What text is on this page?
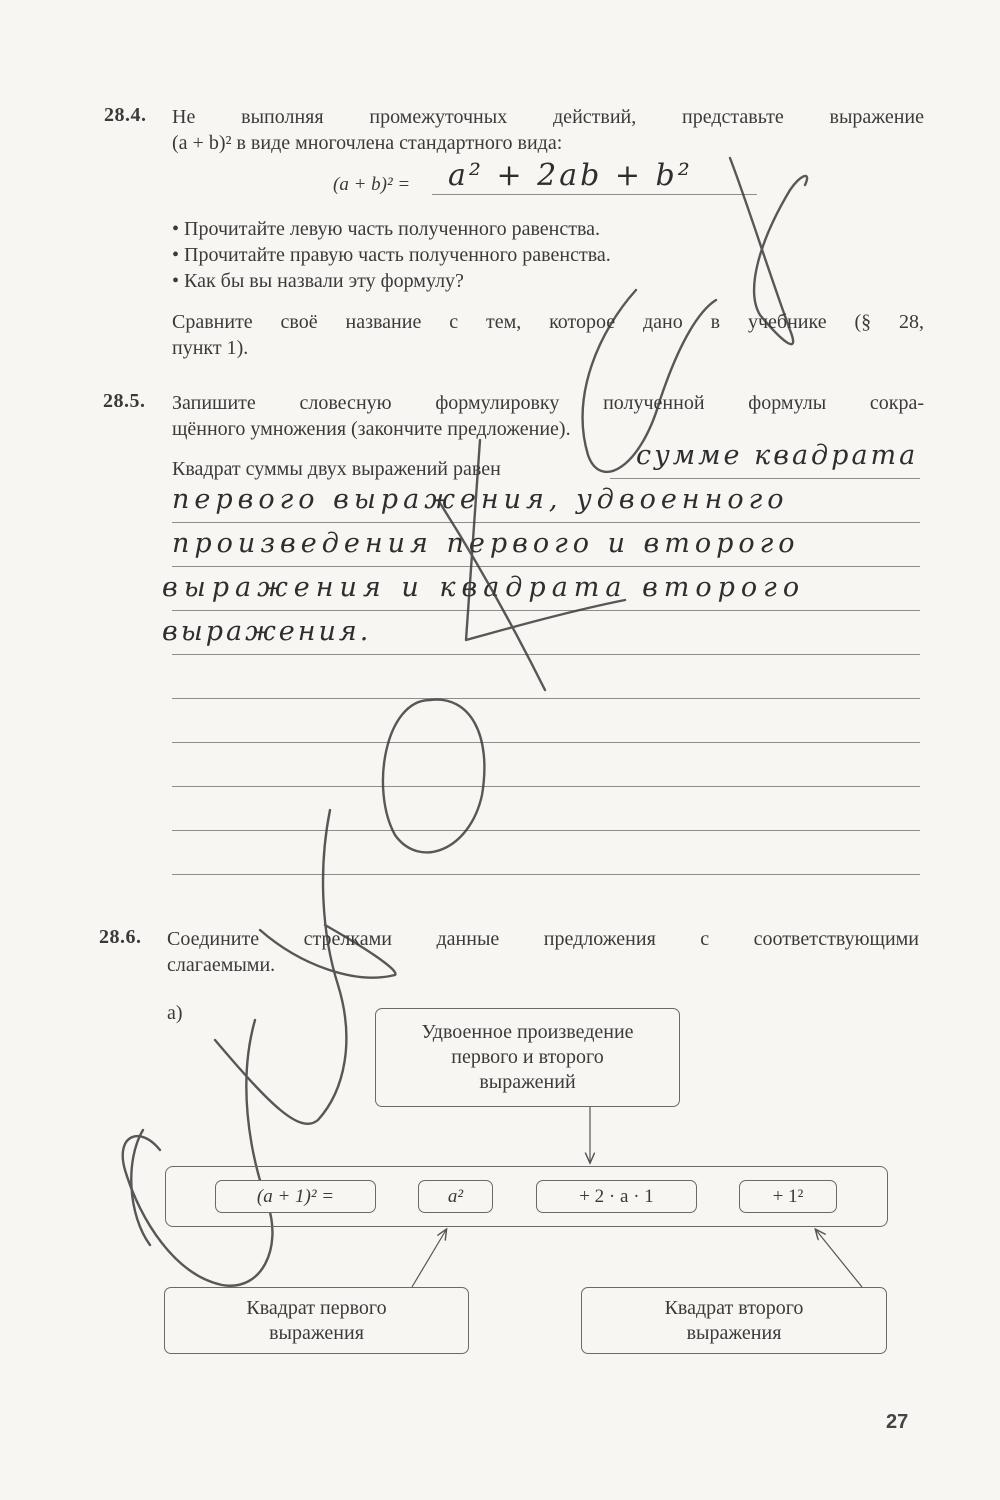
28.4. Не выполняя промежуточных действий, представьте выражение
(a + b)² в виде многочлена стандартного вида:
(a + b)² = a² + 2ab + b²
• Прочитайте левую часть полученного равенства.
• Прочитайте правую часть полученного равенства.
• Как бы вы назвали эту формулу?
Сравните своё название с тем, которое дано в учебнике (§ 28,
пункт 1).
28.5. Запишите словесную формулировку полученной формулы сокра-
щённого умножения (закончите предложение).
Квадрат суммы двух выражений равен	сумме квадрата
первого выражения, удвоенного
произведения первого и второго
выражения и квадрата второго
выражения.
28.6. Соедините стрелками данные предложения с соответствующими
слагаемыми.
а)
Удвоенное произведение
первого и второго
выражений
(a + 1)² =	a²	+ 2 · a · 1	+ 1²
Квадрат первого
выражения
Квадрат второго
выражения
27
